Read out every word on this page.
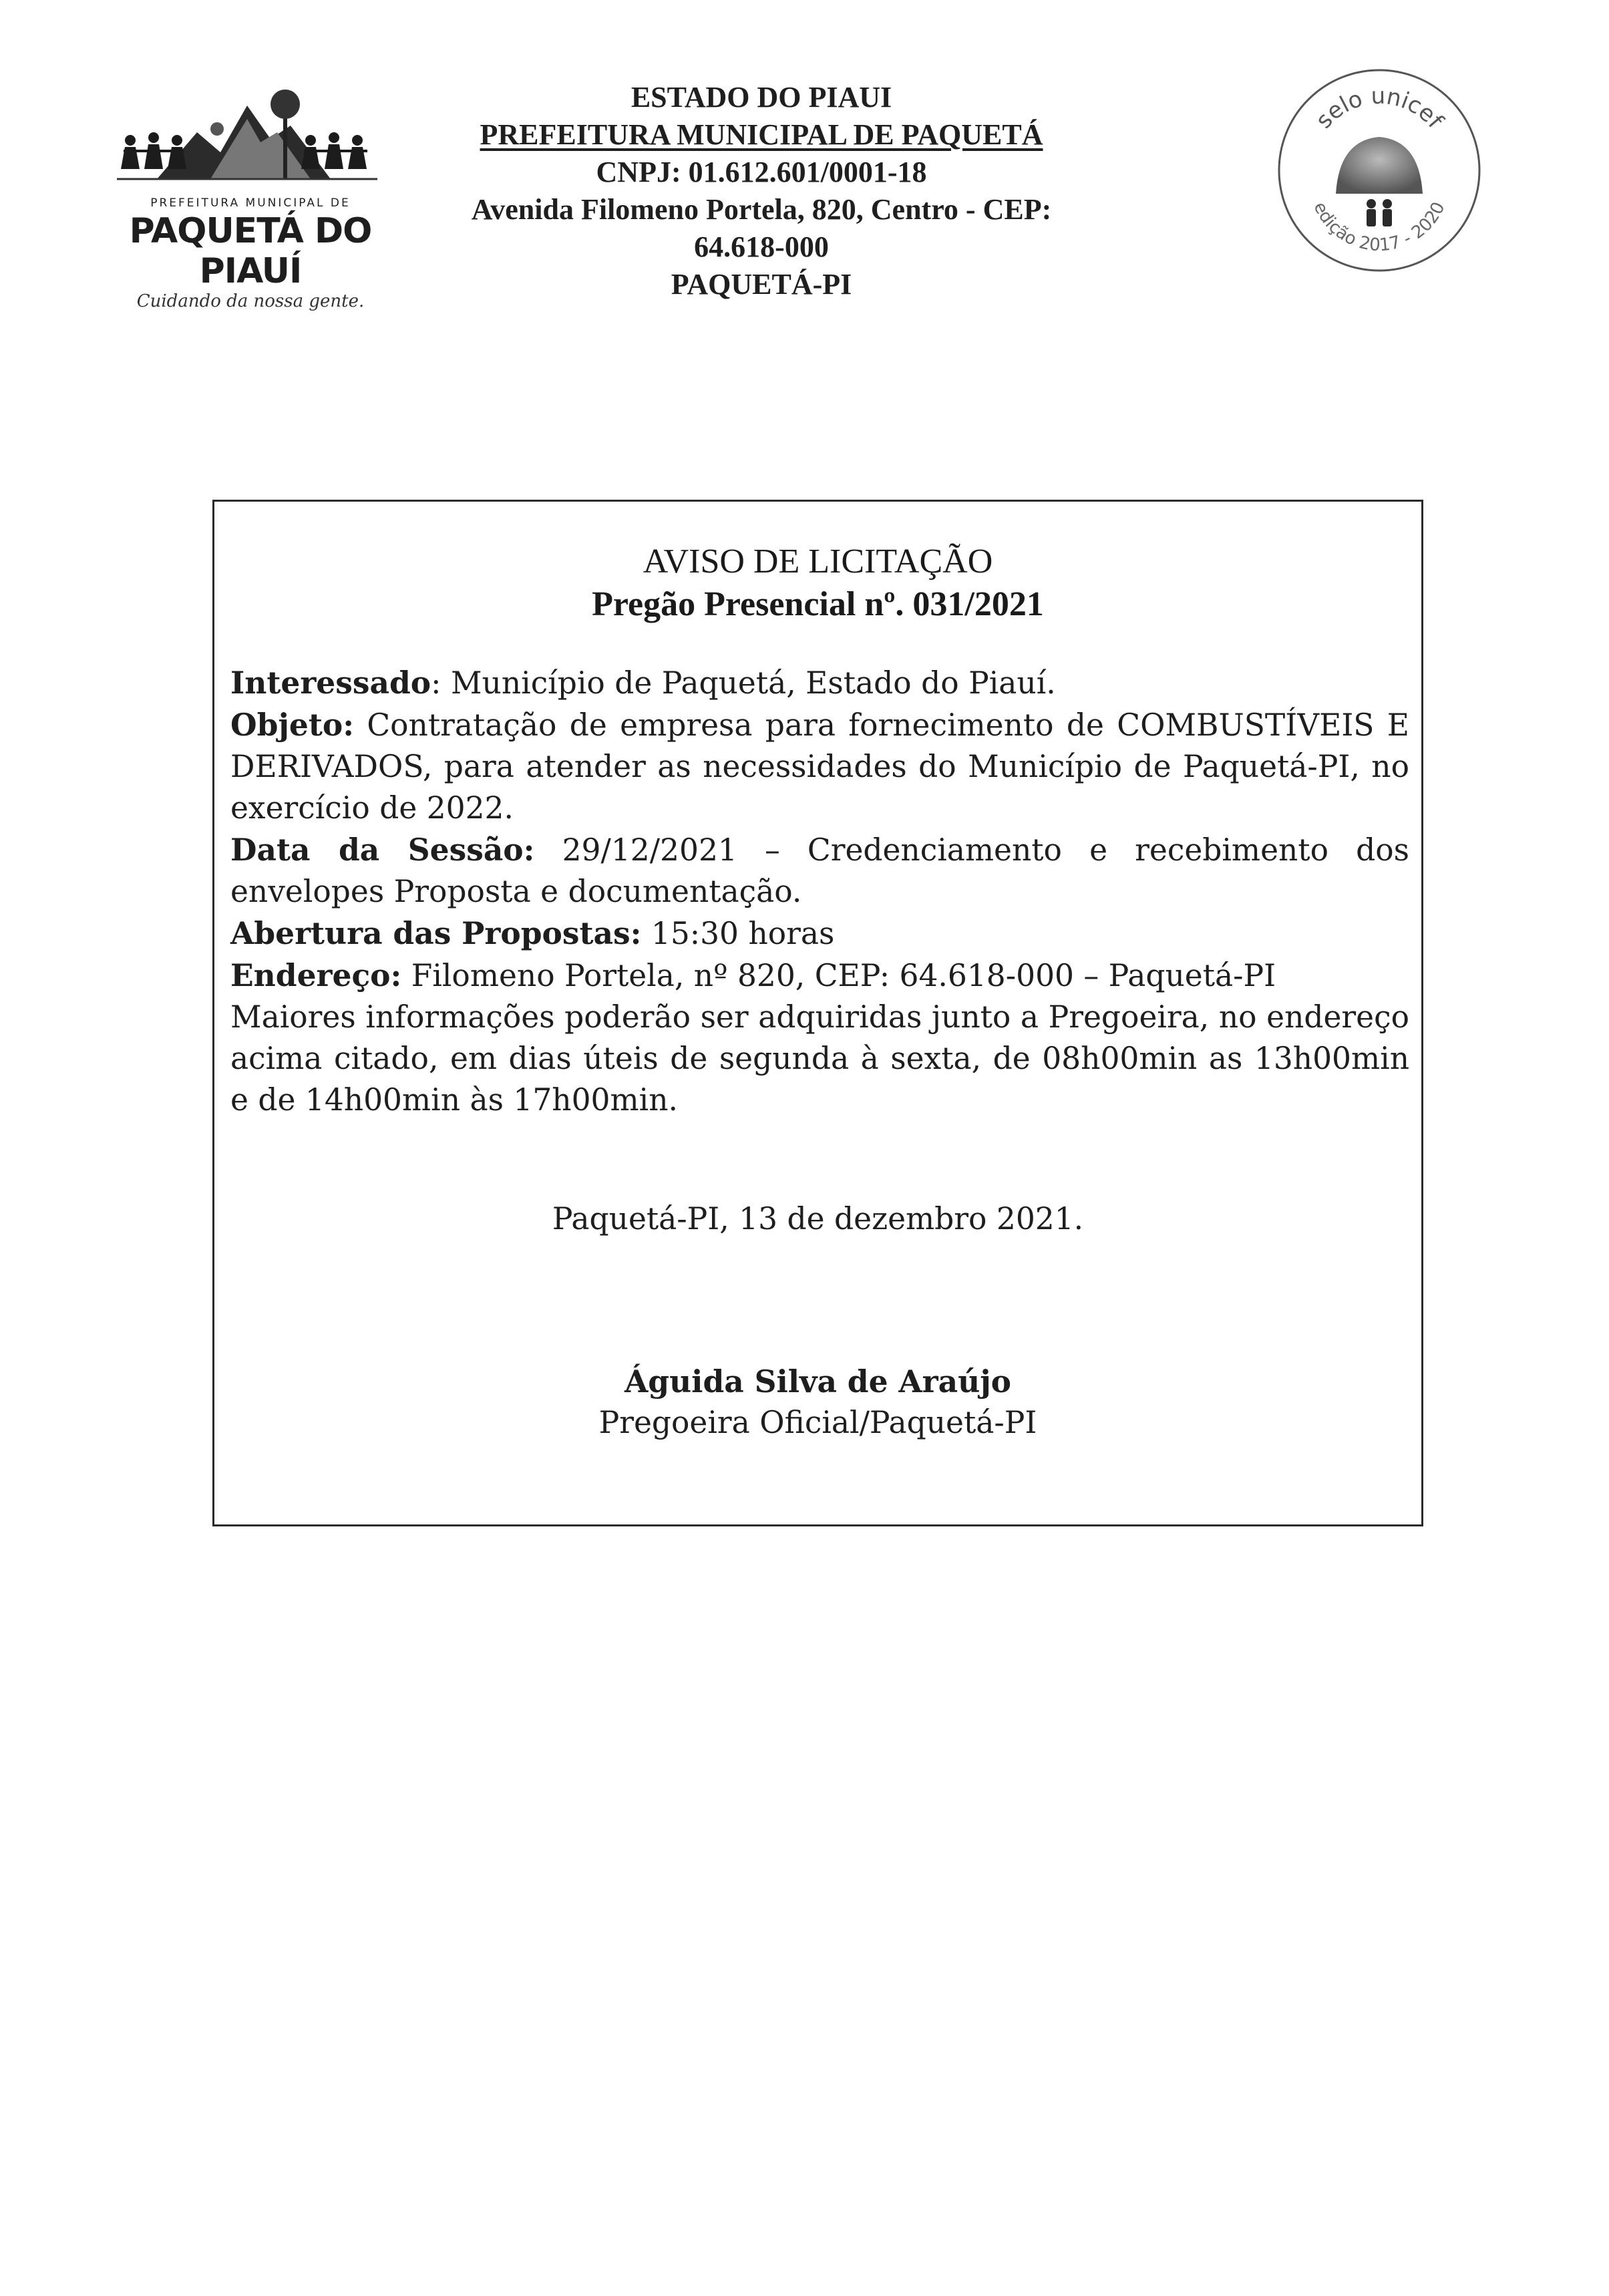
PREFEITURA MUNICIPAL DE
PAQUETÁ DO PIAUÍ
Cuidando da nossa gente.
ESTADO DO PIAUI
PREFEITURA MUNICIPAL DE PAQUETÁ
CNPJ: 01.612.601/0001-18
Avenida Filomeno Portela, 820, Centro - CEP: 64.618-000
PAQUETÁ-PI
selo unicef
edição 2017 - 2020
AVISO DE LICITAÇÃO
Pregão Presencial nº. 031/2021

Interessado: Município de Paquetá, Estado do Piauí.

Objeto: Contratação de empresa para fornecimento de COMBUSTÍVEIS E DERIVADOS, para atender as necessidades do Município de Paquetá-PI, no exercício de 2022.

Data da Sessão: 29/12/2021 – Credenciamento e recebimento dos envelopes Proposta e documentação.

Abertura das Propostas: 15:30 horas

Endereço: Filomeno Portela, nº 820, CEP: 64.618-000 – Paquetá-PI

Maiores informações poderão ser adquiridas junto a Pregoeira, no endereço acima citado, em dias úteis de segunda à sexta, de 08h00min as 13h00min e de 14h00min às 17h00min.

Paquetá-PI, 13 de dezembro 2021.
Águida Silva de Araújo
Pregoeira Oficial/Paquetá-PI
